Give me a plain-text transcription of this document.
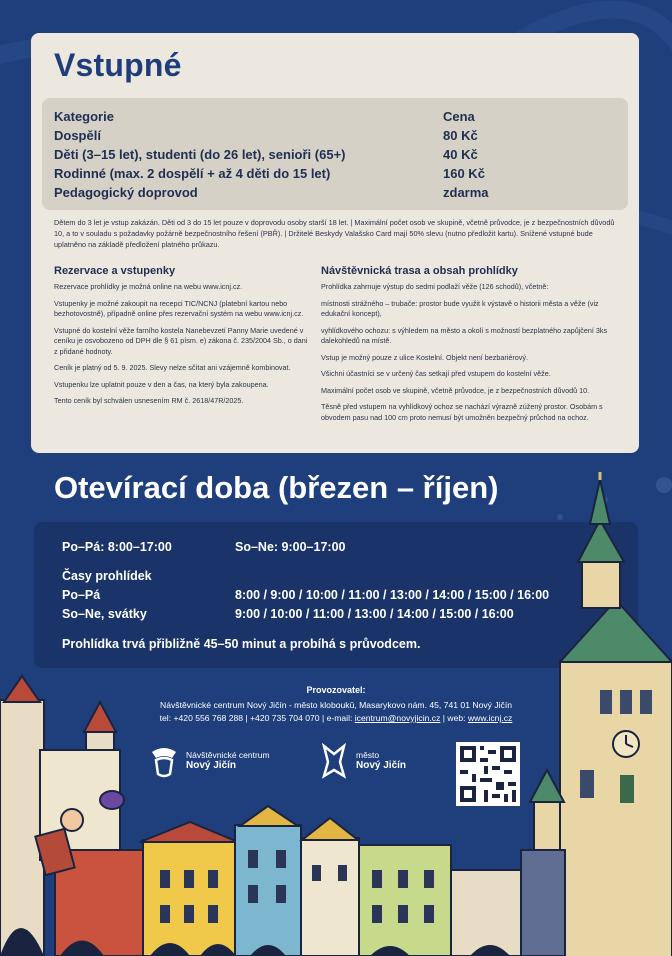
Vstupné
Kategorie	Cena
Dospělí	80 Kč
Děti (3–15 let), studenti (do 26 let), senioři (65+)	40 Kč
Rodinné (max. 2 dospělí + až 4 děti do 15 let)	160 Kč
Pedagogický doprovod	zdarma
Dětem do 3 let je vstup zakázán. Děti od 3 do 15 let pouze v doprovodu osoby starší 18 let. | Maximální počet osob ve skupině, včetně průvodce, je z bezpečnostních důvodů 10, a to v souladu s požadavky požárně bezpečnostního řešení (PBŘ). | Držitelé Beskydy Valašsko Card mají 50% slevu (nutno předložit kartu). Snížené vstupné bude uplatněno na základě předložení platného průkazu.
Rezervace a vstupenky

Rezervace prohlídky je možná online na webu www.icnj.cz.

Vstupenky je možné zakoupit na recepci TIC/NCNJ (platební kartou nebo bezhotovostně), případně online přes rezervační systém na webu www.icnj.cz.

Vstupné do kostelní věže farního kostela Nanebevzetí Panny Marie uvedené v ceníku je osvobozeno od DPH dle § 61 písm. e) zákona č. 235/2004 Sb., o dani z přidané hodnoty.

Ceník je platný od 5. 9. 2025. Slevy nelze sčítat ani vzájemně kombinovat.

Vstupenku lze uplatnit pouze v den a čas, na který byla zakoupena.

Tento ceník byl schválen usnesením RM č. 2618/47R/2025.

Návštěvnická trasa a obsah prohlídky

Prohlídka zahrnuje výstup do sedmi podlaží věže (126 schodů), včetně:

místnosti strážného – trubače: prostor bude využit k výstavě o historii města a věže (viz edukační koncept),

vyhlídkového ochozu: s výhledem na město a okolí s možností bezplatného zapůjčení 3ks dalekohledů na místě.

Vstup je možný pouze z ulice Kostelní. Objekt není bezbariérový.

Všichni účastníci se v určený čas setkají před vstupem do kostelní věže.

Maximální počet osob ve skupině, včetně průvodce, je z bezpečnostních důvodů 10.

Těsně před vstupem na vyhlídkový ochoz se nachází výrazně zúžený prostor. Osobám s obvodem pasu nad 100 cm proto nemusí být umožněn bezpečný průchod na ochoz.

Otevírací doba (březen – říjen)
Po–Pá: 8:00–17:00	So–Ne: 9:00–17:00
Časy prohlídek
Po–Pá	8:00 / 9:00 / 10:00 / 11:00 / 13:00 / 14:00 / 15:00 / 16:00
So–Ne, svátky	9:00 / 10:00 / 11:00 / 13:00 / 14:00 / 15:00 / 16:00
Prohlídka trvá přibližně 45–50 minut a probíhá s průvodcem.
Provozovatel:
Návštěvnické centrum Nový Jičín - město kloboukû, Masarykovo nám. 45, 741 01 Nový Jičín
tel: +420 556 768 288 | +420 735 704 070 | e-mail: icentrum@novyjicin.cz | web: www.icnj.cz
Návštěvnické centrum
Nový Jičín
město
Nový Jičín
